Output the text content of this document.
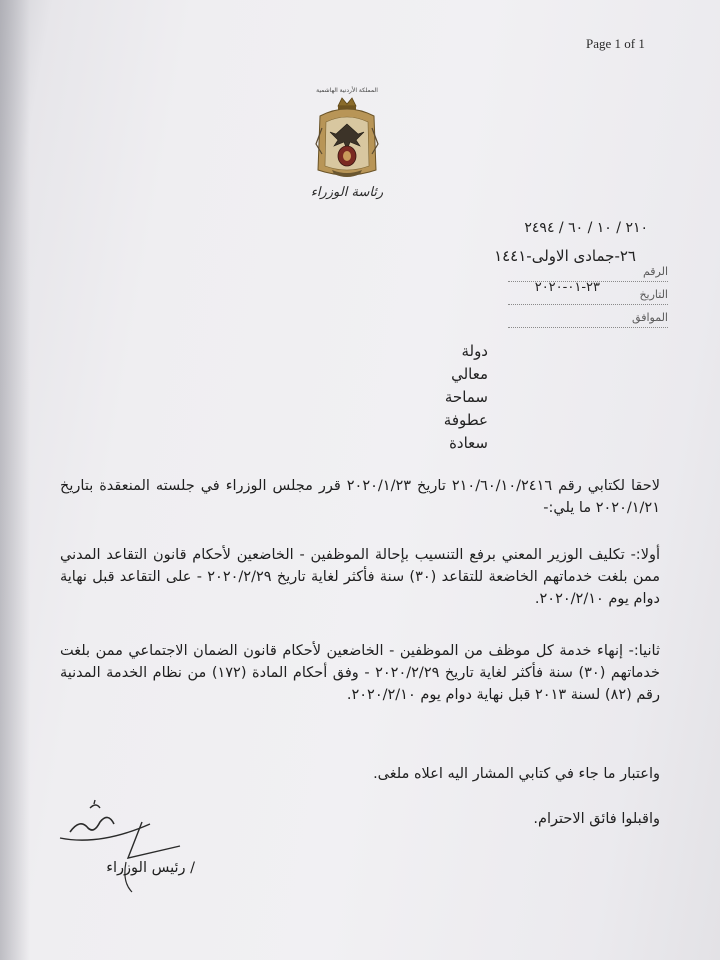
Page 1 of 1
المملكة الأردنية الهاشمية
رئاسة الوزراء
٢١٠ / ١٠ / ٦٠ / ٢٤٩٤
٢٦-جمادى الاولى-١٤٤١
الرقم
التاريخ
٢٣-٠١-٢٠٢٠
الموافق
دولة
معالي
سماحة
عطوفة
سعادة
لاحقا لكتابي رقم ٢١٠/٦٠/١٠/٢٤١٦ تاريخ ٢٠٢٠/١/٢٣ قرر مجلس الوزراء في جلسته المنعقدة بتاريخ ٢٠٢٠/١/٢١ ما يلي:-
أولا:- تكليف الوزير المعني برفع التنسيب بإحالة الموظفين - الخاضعين لأحكام قانون التقاعد المدني ممن بلغت خدماتهم الخاضعة للتقاعد (٣٠) سنة فأكثر لغاية تاريخ ٢٠٢٠/٢/٢٩ - على التقاعد قبل نهاية دوام يوم ٢٠٢٠/٢/١٠.
ثانيا:- إنهاء خدمة كل موظف من الموظفين - الخاضعين لأحكام قانون الضمان الاجتماعي ممن بلغت خدماتهم (٣٠) سنة فأكثر لغاية تاريخ ٢٠٢٠/٢/٢٩ - وفق أحكام المادة (١٧٢) من نظام الخدمة المدنية رقم (٨٢) لسنة ٢٠١٣ قبل نهاية دوام يوم ٢٠٢٠/٢/١٠.
واعتبار ما جاء في كتابي المشار اليه اعلاه ملغى.
واقبلوا فائق الاحترام.
/ رئيس الوزراء
